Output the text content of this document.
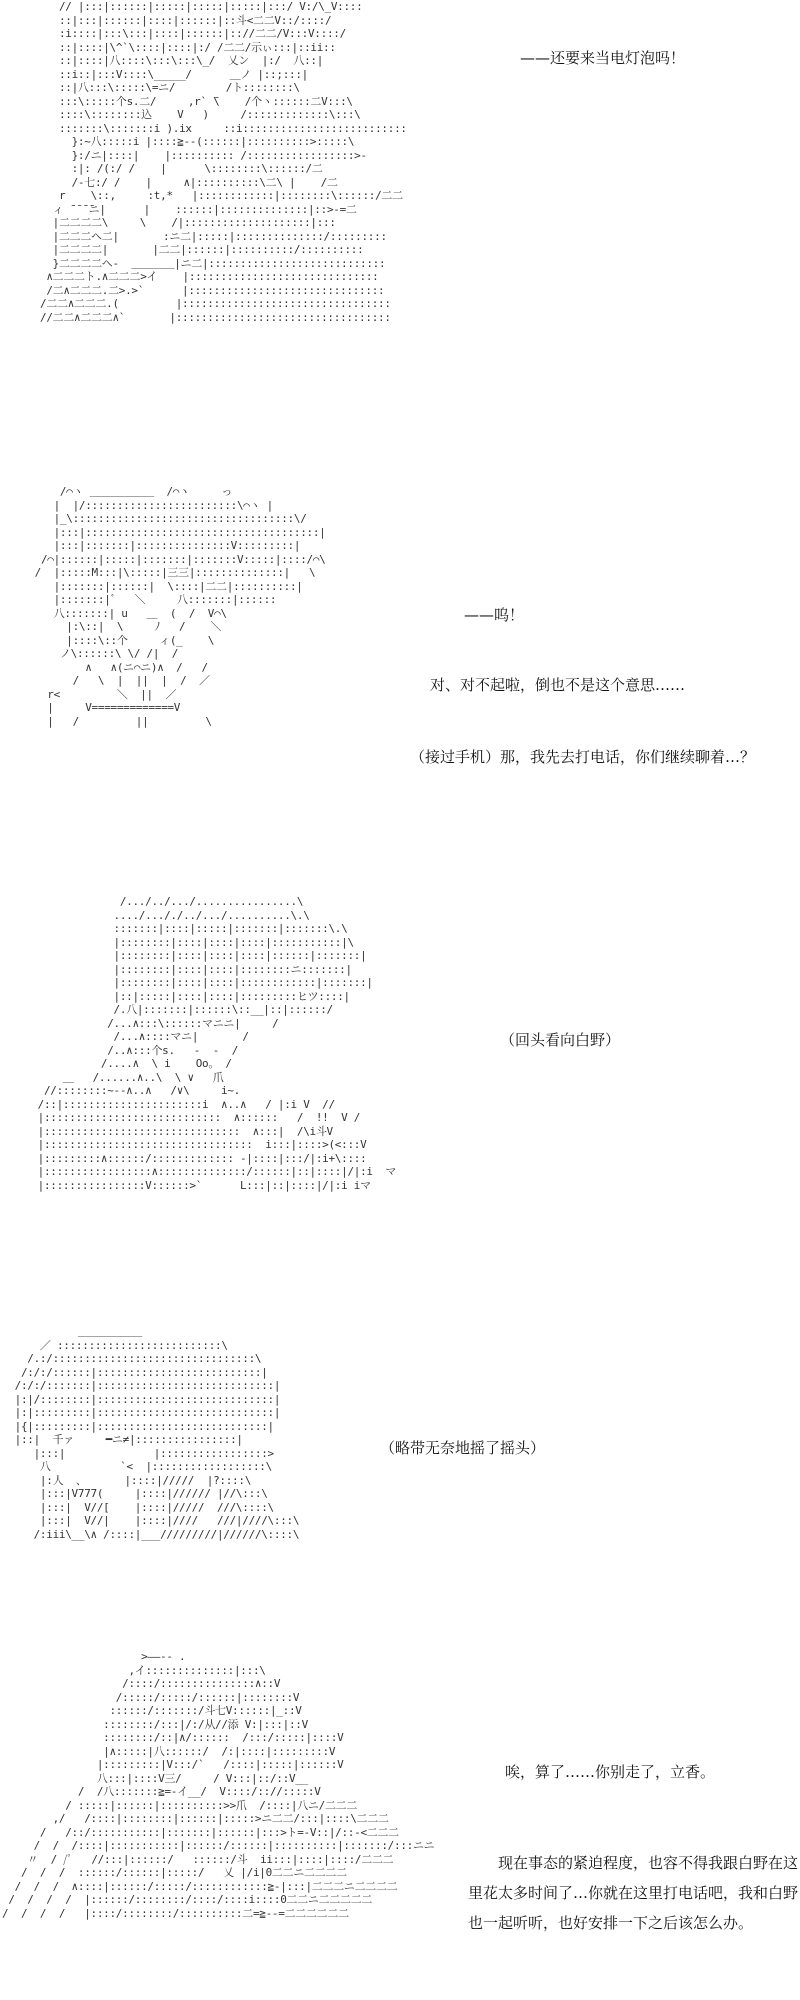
// |:::|::::::|:::::|:::::|:::::|:::/ V:/\_V::::
::|:::|::::::|::::|::::::|::斗<二二V::/::::/
:i::::|:::\:::|::::|::::::|:://二二/V:::V::::/
::|::::|\^`\::::|::::|:/ /二二/示ぃ:::|::ii::
::|::::|八::::\:::\:::\_/  乂ン  |:/  八::|
::i::|:::V::::\_____/      ＿ノ |::;:::|
::|八:::\:::::\=ニ/        /ト::::::::\
:::\:::::个s.二/     ,r` ̄\    /个ヽ::::::二V:::\
::::\::::::::込    V   )     /:::::::::::::\:::\
:::::::\:::::::i ).ix     ::i::::::::::::::::::::::::::
}:~八:::::i |::::≧--(::::::|::::::::::>:::::\
}:/ニ|::::|    |:::::::::: /:::::::::::::::::>-
:|: /(:/ /    |      \::::::::\::::::/二
/-七:/ /    |     ∧|::::::::::\二\ |    /二
r    \::,     :t,*   |::::::::::::|::::::::\::::::/二二
ィ ̄ ̄ ̄ ̄ニ|      |    ::::::|::::::::::::::|::>-=二
|二二二二\     \    /|::::::::::::::::::::|:::
|二二二ヘ二|       :ニ二|:::::|::::::::::::::/:::::::::
|二二二二|       |二二|::::::|::::::::::/::::::::::
}二二二二ヘ-  ＿＿＿＿|ニ二|::::::::::::::::::::::::::::
∧二二二ト.∧二二二>イ    |::::::::::::::::::::::::::::::
/二∧二二二.二>.>`      |:::::::::::::::::::::::::::::::
/二二∧二二二.(         |:::::::::::::::::::::::::::::::::
//二二∧二二二∧`       |::::::::::::::::::::::::::::::::::
——还要来当电灯泡吗！
/⌒ヽ ＿＿＿＿＿＿  /⌒ヽ     っ
|  |/::::::::::::::::::::::::\⌒ヽ |
|_\:::::::::::::::::::::::::::::::::::\/
|:::|:::::::::::::::::::::::::::::::::::::|
|:::|:::::::|:::::::::::::::V:::::::::|
/⌒|::::::|:::::|:::::::|:::::::V:::::|::::/⌒\
/  |:::::M:::|\:::::|三三|::::::::::::::|   \
|:::::::|::::::|  \::::|二二|::::::::::|
|:::::::|ﾞ   ＼     八:::::::|::::::
八:::::::| u   ＿  (  /  V⌒\
|:\::|  \     ﾉ   /    ＼
|::::\::个     ィ(_    \
ノ\::::::\ \/ /|  /
∧   ∧(ニ⌒ニ)∧  /   /
/   \  |  ||  |  /  ／
r<         ＼  ||  ／
|     V=============V
|   /         ||         \
——呜！
对、对不起啦，倒也不是这个意思……
（接过手机）那，我先去打电话，你们继续聊着…？
/.../../.../................\
..../..././../.../..........\.\
:::::::|::::|:::::|:::::::|:::::::\.\
|::::::::|::::|::::|::::|:::::::::::|\
|::::::::|::::|::::|::::|::::::|:::::::|
|::::::::|::::|::::|::::::::ニ:::::::|
|::::::::|::::|::::|::::::::::::|:::::::|
|::|:::::|::::|::::|:::::::::ヒツ::::|
/.八|:::::::|::::::\::__|::|::::::/
/...∧:::\::::::マニニ|     /
/...∧::::マニ|       /
/..∧:::个s.   -  -  /
/....∧  \ i    Oo。 /
＿   /......∧..\  \ ∨   爪
//::::::::~--∧..∧   /∨\     i~.
/::|::::::::::::::::::::::i  ∧..∧   / |:i V  //
|::::::::::::::::::::::::::::  ∧::::::   /  !!  V /
|:::::::::::::::::::::::::::::::  ∧:::|  /\i斗V
|:::::::::::::::::::::::::::::::::  i:::|::::>(<:::V
|:::::::::∧::::::/::::::::::::: -|::::|:::/|:i+\::::
|:::::::::::::::::∧::::::::::::::/::::::|::|::::|/|:i  マ
|::::::::::::::::V::::::>`      L:::|::|::::|/|:i iマ
（回头看向白野）
＿＿＿＿＿＿
／ ::::::::::::::::::::::::::\
/.:/::::::::::::::::::::::::::::::::\
/:/:/::::::|::::::::::::::::::::::::::|
/:/:/:::::::|::::::::::::::::::::::::::::|
|:|/::::::::|::::::::::::::::::::::::::::|
|:|:::::::::|::::::::::::::::::::::::::::|
|{|:::::::::|:::::::::::::::::::::::::::|
|::|  千ァ     ━ニ≠|::::::::::::::::|
|:::|              |:::::::::::::::::>
八           `<  |::::::::::::::::::\
|:人  、      |::::|/////  |?::::\
|:::|V777(     |::::|////// |//\:::\
|:::|  V//[    |::::|/////  ///\::::\
|:::|  V//|    |::::|////   ///|////\:::\
/:iii\__\∧ /::::|___/////////|//////\::::\
（略带无奈地摇了摇头）
>——-- .
,イ::::::::::::::|:::\
/::::/:::::::::::::::∧::V
/:::::/:::::/::::::|::::::::V
::::::/:::::::/斗七V::::::|_::V
::::::::/:::|/:/从//添 V:|:::|::V
::::::::/::|∧/::::::  /:::/:::::|::::V
|∧:::::|八::::::/  /:|::::|:::::::::V
|:::::::::|V:::/`   /::::|:::::|::::::V
八:::|::::V三/     / V:::|::/::V__
/  /八:::::::≧=-イ__/  V::::/:://:::::V
/ :::::|::::::|::::::::::>>爪  /::::|八ニ/二二二
,/   /::::|::::::::|::::::|:::::>ニ二二/:::|::::\二二二
/   /::/:::::::::::|:::::::|::::::|:::>ト=-V::|/::-<二二二
/  /  /::::|:::::::::::|::::::/::::::|::::::::::|:::::::/:::ニニ
〃  / /ﾟ   //:::|::::::/   ::::::/斗  ii:::|::::|::::/二二二
/  /  /  ::::::/::::::|:::::/   乂 |/i|0二二ニ二二二二
/  /  /  ∧::::|::::::/:::::/::::::::::::≧-|:::|二二二ニ二二二二
/  /  /  /  |::::::/::::::::/::::/::::i::::0二二ニ二二二二二
/  /  /  /   |::::/::::::::/::::::::::二=≧--=二二二二二二
唉，算了……你别走了，立香。

现在事态的紧迫程度，也容不得我跟白野在这里花太多时间了…你就在这里打电话吧，我和白野也一起听听，也好安排一下之后该怎么办。
